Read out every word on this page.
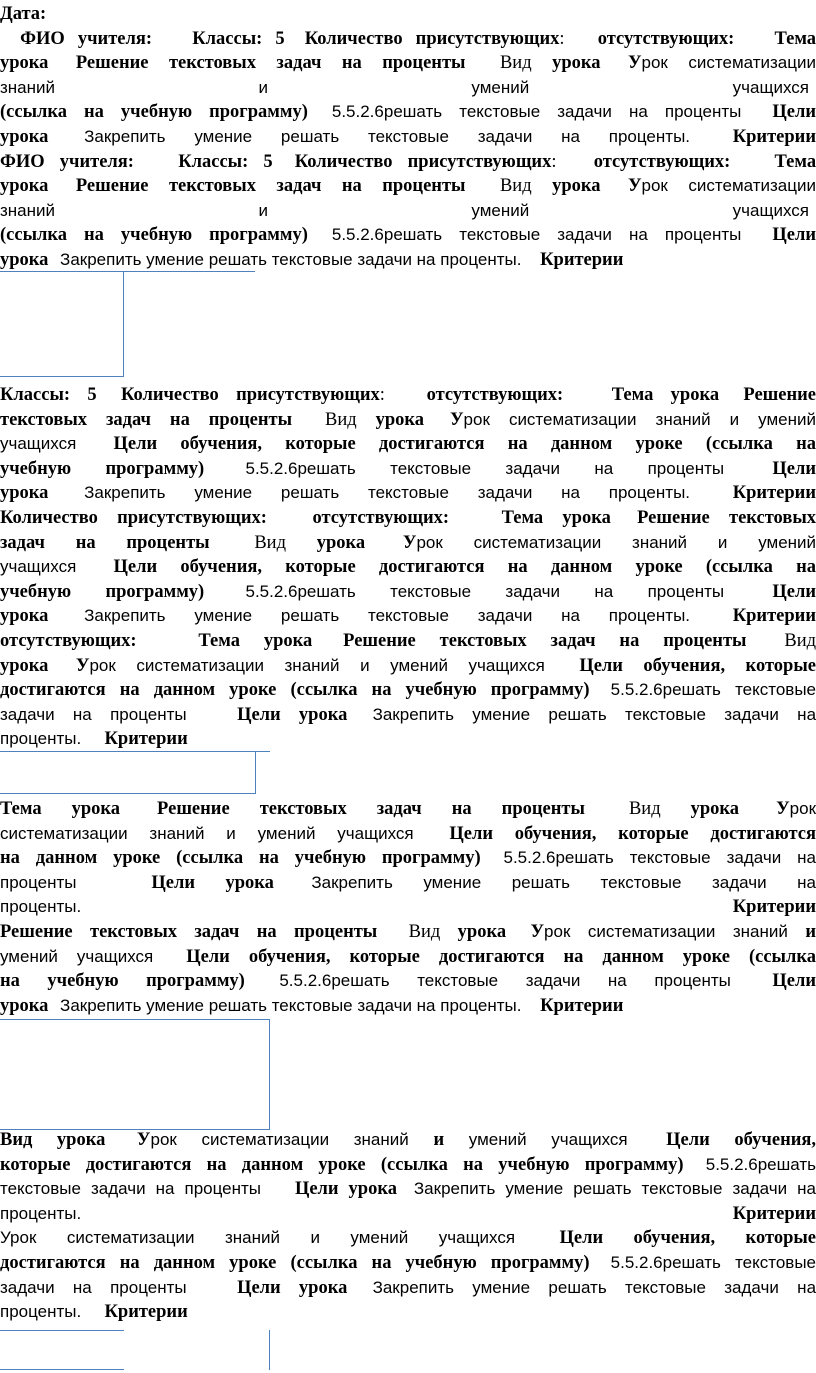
Дата:
ФИО учителя: Классы: 5 Количество присутствующих:  отсутствующих: Тема
урока Решение текстовых задач на проценты Вид урока Урок систематизации
знаний и умений учащихся
(ссылка на учебную программу) 5.5.2.6решать текстовые задачи на проценты Цели
урока Закрепить умение решать текстовые задачи на проценты. Критерии
ФИО учителя: Классы: 5 Количество присутствующих:  отсутствующих: Тема
урока Решение текстовых задач на проценты Вид урока Урок систематизации
знаний и умений учащихся
(ссылка на учебную программу) 5.5.2.6решать текстовые задачи на проценты Цели
урока Закрепить умение решать текстовые задачи на проценты. Критерии
Классы: 5 Количество присутствующих:  отсутствующих:	Тема урока Решение
текстовых задач на проценты Вид урока Урок систематизации знаний и умений
учащихся Цели обучения, которые достигаются на данном уроке (ссылка на
учебную программу) 5.5.2.6решать текстовые задачи на проценты	Цели
урока Закрепить умение решать текстовые задачи на проценты. Критерии
Количество присутствующих:  отсутствующих:	Тема урока Решение текстовых
задач на проценты Вид урока Урок систематизации знаний и умений
учащихся Цели обучения, которые достигаются на данном уроке (ссылка на
учебную программу) 5.5.2.6решать текстовые задачи на проценты	Цели
урока Закрепить умение решать текстовые задачи на проценты. Критерии
отсутствующих:	Тема урока Решение текстовых задач на проценты Вид
урока Урок систематизации знаний и умений учащихся Цели обучения, которые
достигаются на данном уроке (ссылка на учебную программу) 5.5.2.6решать текстовые
задачи на проценты	Цели урока Закрепить умение решать текстовые задачи на
проценты. Критерии
Тема урока Решение текстовых задач на проценты Вид урока Урок
систематизации знаний и умений учащихся Цели обучения, которые достигаются
на данном уроке (ссылка на учебную программу) 5.5.2.6решать текстовые задачи на
проценты	Цели урока Закрепить умение решать текстовые задачи на
проценты.	Критерии
Решение текстовых задач на проценты Вид урока Урок систематизации знаний и
умений учащихся Цели обучения, которые достигаются на данном уроке (ссылка
на учебную программу) 5.5.2.6решать текстовые задачи на проценты Цели
урока Закрепить умение решать текстовые задачи на проценты. Критерии
Вид урока Урок систематизации знаний и умений учащихся Цели обучения,
которые достигаются на данном уроке (ссылка на учебную программу) 5.5.2.6решать
текстовые задачи на проценты Цели урока Закрепить умение решать текстовые задачи на
проценты.	Критерии
Урок систематизации знаний и умений учащихся Цели обучения, которые
достигаются на данном уроке (ссылка на учебную программу) 5.5.2.6решать текстовые
задачи на проценты	Цели урока Закрепить умение решать текстовые задачи на
проценты. Критерии
